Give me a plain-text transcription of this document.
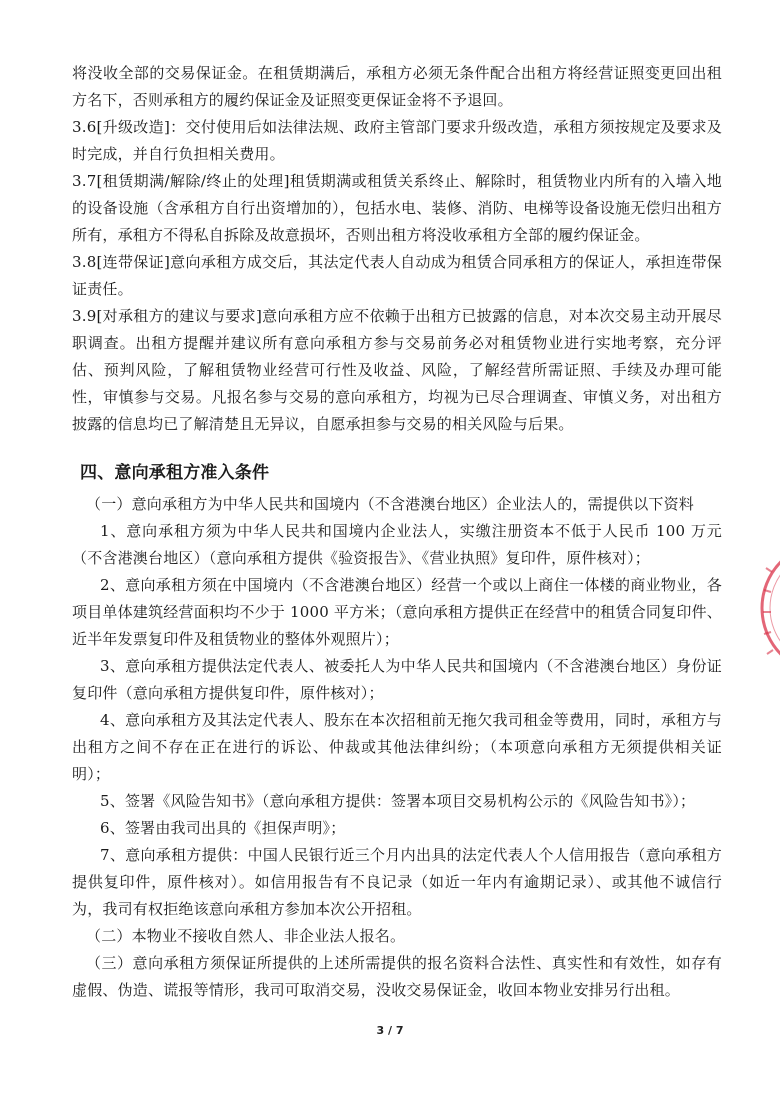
将没收全部的交易保证金。在租赁期满后，承租方必须无条件配合出租方将经营证照变更回出租方名下，否则承租方的履约保证金及证照变更保证金将不予退回。

3.6[升级改造]：交付使用后如法律法规、政府主管部门要求升级改造，承租方须按规定及要求及时完成，并自行负担相关费用。

3.7[租赁期满/解除/终止的处理]租赁期满或租赁关系终止、解除时，租赁物业内所有的入墙入地的设备设施（含承租方自行出资增加的），包括水电、装修、消防、电梯等设备设施无偿归出租方所有，承租方不得私自拆除及故意损坏，否则出租方将没收承租方全部的履约保证金。

3.8[连带保证]意向承租方成交后，其法定代表人自动成为租赁合同承租方的保证人，承担连带保证责任。

3.9[对承租方的建议与要求]意向承租方应不依赖于出租方已披露的信息，对本次交易主动开展尽职调查。出租方提醒并建议所有意向承租方参与交易前务必对租赁物业进行实地考察，充分评估、预判风险，了解租赁物业经营可行性及收益、风险，了解经营所需证照、手续及办理可能性，审慎参与交易。凡报名参与交易的意向承租方，均视为已尽合理调查、审慎义务，对出租方披露的信息均已了解清楚且无异议，自愿承担参与交易的相关风险与后果。

四、意向承租方准入条件

（一）意向承租方为中华人民共和国境内（不含港澳台地区）企业法人的，需提供以下资料

1、意向承租方须为中华人民共和国境内企业法人，实缴注册资本不低于人民币 100 万元（不含港澳台地区）（意向承租方提供《验资报告》、《营业执照》复印件，原件核对）；

2、意向承租方须在中国境内（不含港澳台地区）经营一个或以上商住一体楼的商业物业，各项目单体建筑经营面积均不少于 1000 平方米；（意向承租方提供正在经营中的租赁合同复印件、近半年发票复印件及租赁物业的整体外观照片）；

3、意向承租方提供法定代表人、被委托人为中华人民共和国境内（不含港澳台地区）身份证复印件（意向承租方提供复印件，原件核对）；

4、意向承租方及其法定代表人、股东在本次招租前无拖欠我司租金等费用，同时，承租方与出租方之间不存在正在进行的诉讼、仲裁或其他法律纠纷；（本项意向承租方无须提供相关证明）；

5、签署《风险告知书》（意向承租方提供：签署本项目交易机构公示的《风险告知书》）；

6、签署由我司出具的《担保声明》；

7、意向承租方提供：中国人民银行近三个月内出具的法定代表人个人信用报告（意向承租方提供复印件，原件核对）。如信用报告有不良记录（如近一年内有逾期记录）、或其他不诚信行为，我司有权拒绝该意向承租方参加本次公开招租。

（二）本物业不接收自然人、非企业法人报名。

（三）意向承租方须保证所提供的上述所需提供的报名资料合法性、真实性和有效性，如存有虚假、伪造、谎报等情形，我司可取消交易，没收交易保证金，收回本物业安排另行出租。

3 / 7
